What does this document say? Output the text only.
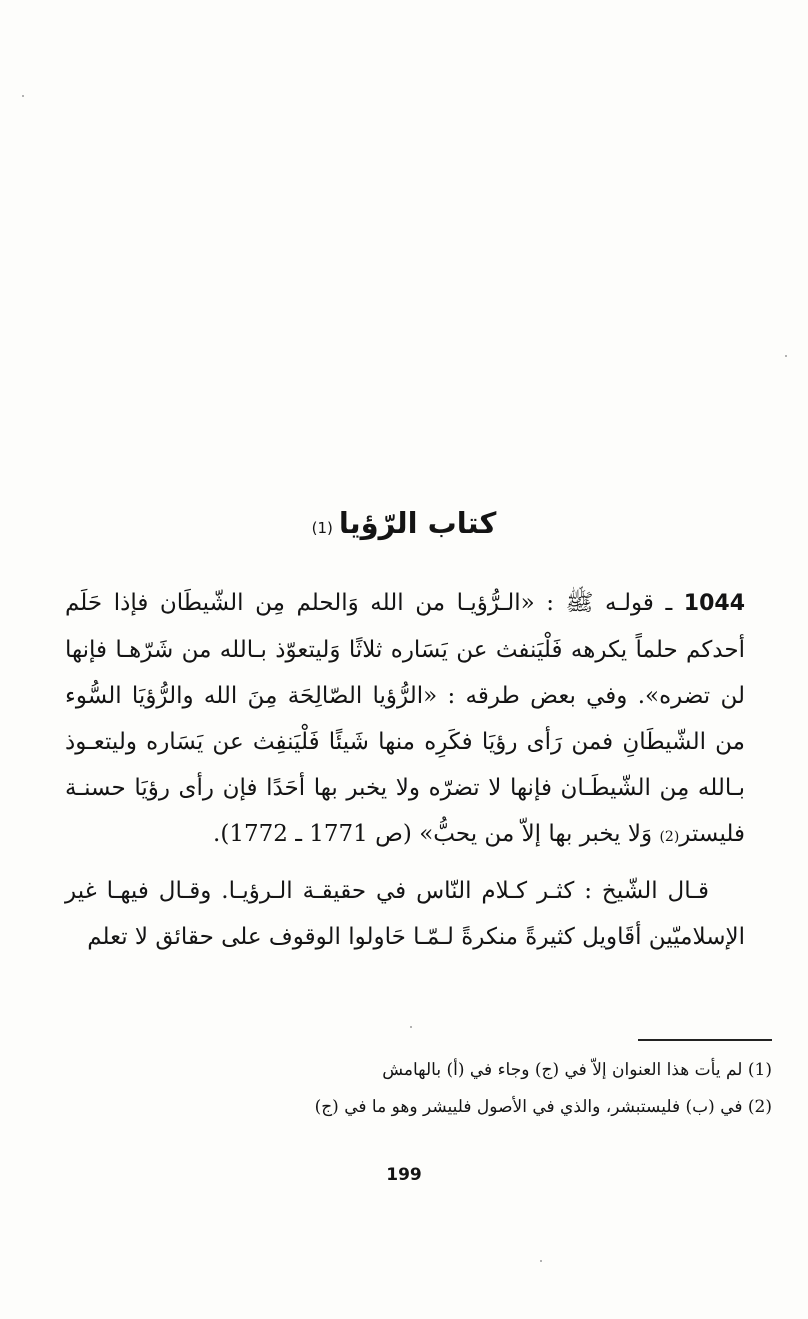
كتاب الرّؤيا(1)

1044 ـ قولـه ﷺ : «الـرُّؤيـا من الله وَالحلم مِن الشّيطَان فإذا حَلَم أحدكم حلماً يكرهه فَلْيَنفث عن يَسَاره ثلاثًا وَليتعوّذ بـالله من شَرّهـا فإنها لن تضره». وفي بعض طرقه : «الرُّؤيا الصّالِحَة مِنَ الله والرُّؤيَا السُّوء من الشّيطَانِ فمن رَأى رؤيَا فكَرِه منها شَيئًا فَلْيَنفِث عن يَسَاره وليتعـوذ بـالله مِن الشّيطَـان فإنها لا تضرّه ولا يخبر بها أحَدًا فإن رأى رؤيَا حسنـة فليستر(2) وَلا يخبر بها إلاّ من يحبُّ» (ص 1771 ـ 1772).

قـال الشّيخ : كثـر كـلام النّاس في حقيقـة الـرؤيـا. وقـال فيهـا غير الإسلاميّين أقَاويل كثيرةً منكرةً لـمّـا حَاولوا الوقوف على حقائق لا تعلم

(1) لم يأت هذا العنوان إلاّ في (ج) وجاء في (أ) بالهامش
(2) في (ب) فليستبشر، والذي في الأصول فلييشر وهو ما في (ج)
199
